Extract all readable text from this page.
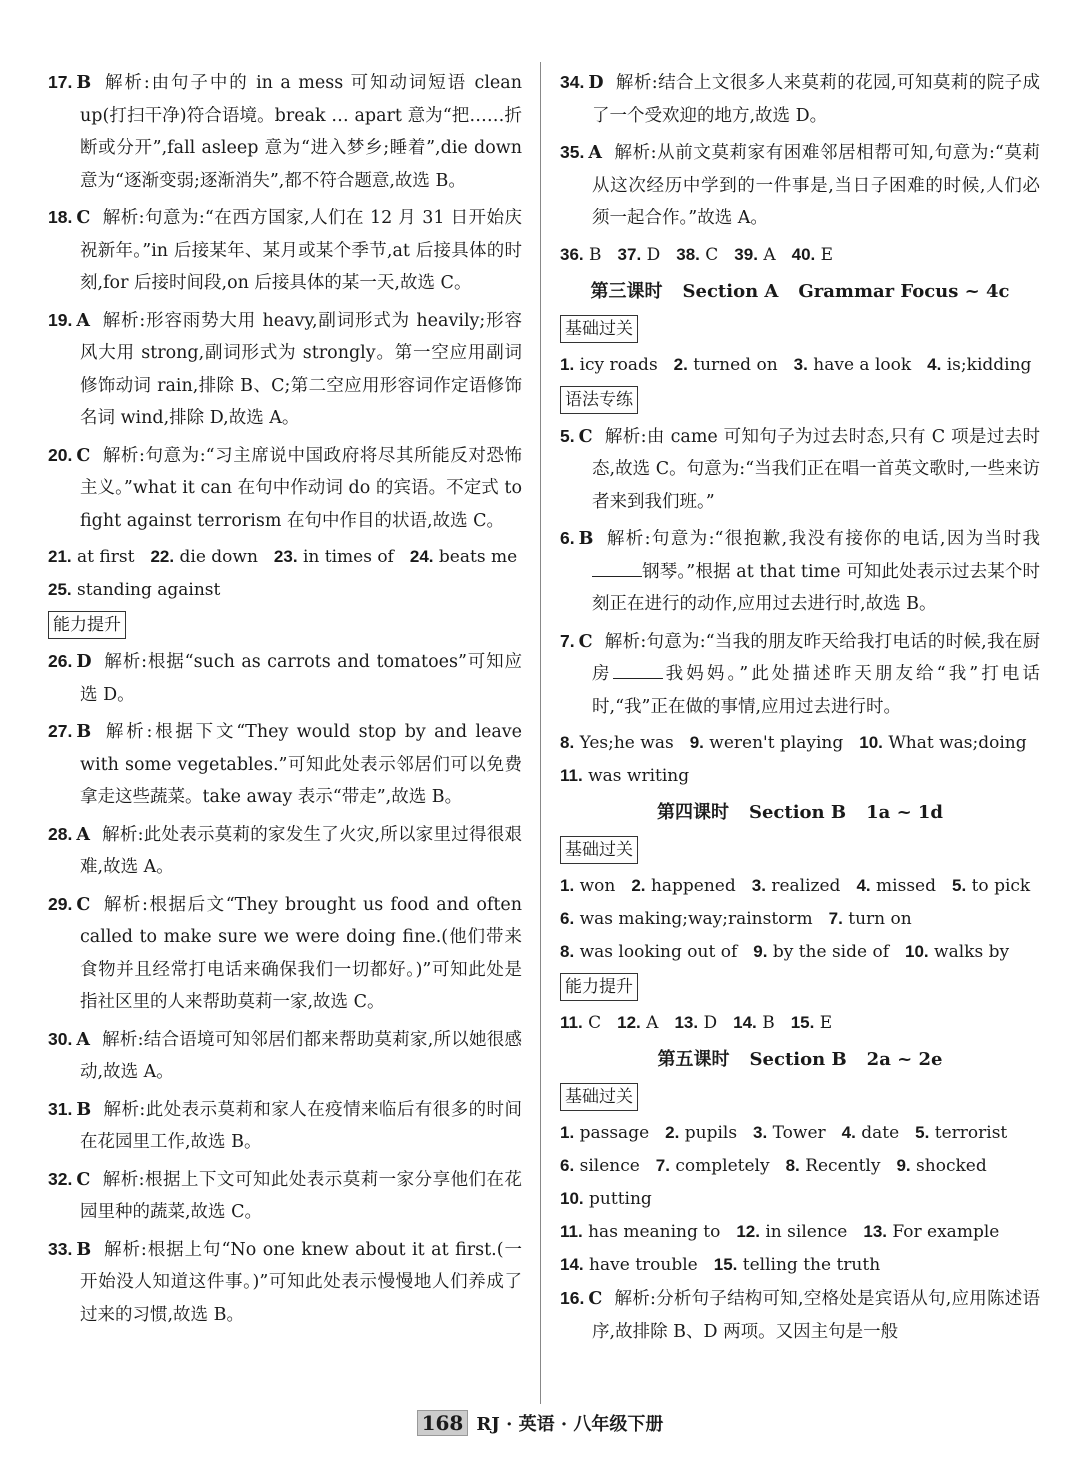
17. B 解析:由句子中的 in a mess 可知动词短语 clean up(打扫干净)符合语境。break … apart 意为“把……折断或分开”,fall asleep 意为“进入梦乡;睡着”,die down 意为“逐渐变弱;逐渐消失”,都不符合题意,故选 B。
18. C 解析:句意为:“在西方国家,人们在 12 月 31 日开始庆祝新年。”in 后接某年、某月或某个季节,at 后接具体的时刻,for 后接时间段,on 后接具体的某一天,故选 C。
19. A 解析:形容雨势大用 heavy,副词形式为 heavily;形容风大用 strong,副词形式为 strongly。第一空应用副词修饰动词 rain,排除 B、C;第二空应用形容词作定语修饰名词 wind,排除 D,故选 A。
20. C 解析:句意为:“习主席说中国政府将尽其所能反对恐怖主义。”what it can 在句中作动词 do 的宾语。不定式 to fight against terrorism 在句中作目的状语,故选 C。
21. at first 22. die down 23. in times of 24. beats me
25. standing against
能力提升
26. D 解析:根据“such as carrots and tomatoes”可知应选 D。
27. B 解析:根据下文“They would stop by and leave with some vegetables.”可知此处表示邻居们可以免费拿走这些蔬菜。take away 表示“带走”,故选 B。
28. A 解析:此处表示莫莉的家发生了火灾,所以家里过得很艰难,故选 A。
29. C 解析:根据后文“They brought us food and often called to make sure we were doing fine.(他们带来食物并且经常打电话来确保我们一切都好。)”可知此处是指社区里的人来帮助莫莉一家,故选 C。
30. A 解析:结合语境可知邻居们都来帮助莫莉家,所以她很感动,故选 A。
31. B 解析:此处表示莫莉和家人在疫情来临后有很多的时间在花园里工作,故选 B。
32. C 解析:根据上下文可知此处表示莫莉一家分享他们在花园里种的蔬菜,故选 C。
33. B 解析:根据上句“No one knew about it at first.(一开始没人知道这件事。)”可知此处表示慢慢地人们养成了过来的习惯,故选 B。
34. D 解析:结合上文很多人来莫莉的花园,可知莫莉的院子成了一个受欢迎的地方,故选 D。
35. A 解析:从前文莫莉家有困难邻居相帮可知,句意为:“莫莉从这次经历中学到的一件事是,当日子困难的时候,人们必须一起合作。”故选 A。
36. B 37. D 38. C 39. A 40. E
第三课时 Section A Grammar Focus ~ 4c
基础过关
1. icy roads 2. turned on 3. have a look 4. is;kidding
语法专练
5. C 解析:由 came 可知句子为过去时态,只有 C 项是过去时态,故选 C。句意为:“当我们正在唱一首英文歌时,一些来访者来到我们班。”
6. B 解析:句意为:“很抱歉,我没有接你的电话,因为当时我钢琴。”根据 at that time 可知此处表示过去某个时刻正在进行的动作,应用过去进行时,故选 B。
7. C 解析:句意为:“当我的朋友昨天给我打电话的时候,我在厨房	我妈妈。”此处描述昨天朋友给“我”打电话时,“我”正在做的事情,应用过去进行时。
8. Yes;he was 9. weren't playing 10. What was;doing
11. was writing
第四课时 Section B 1a ~ 1d
基础过关
1. won 2. happened 3. realized 4. missed 5. to pick
6. was making;way;rainstorm 7. turn on
8. was looking out of 9. by the side of 10. walks by
能力提升
11. C 12. A 13. D 14. B 15. E
第五课时 Section B 2a ~ 2e
基础过关
1. passage 2. pupils 3. Tower 4. date 5. terrorist
6. silence 7. completely 8. Recently 9. shocked
10. putting
11. has meaning to 12. in silence 13. For example
14. have trouble 15. telling the truth
16. C 解析:分析句子结构可知,空格处是宾语从句,应用陈述语序,故排除 B、D 两项。又因主句是一般
168 RJ · 英语 · 八年级下册
